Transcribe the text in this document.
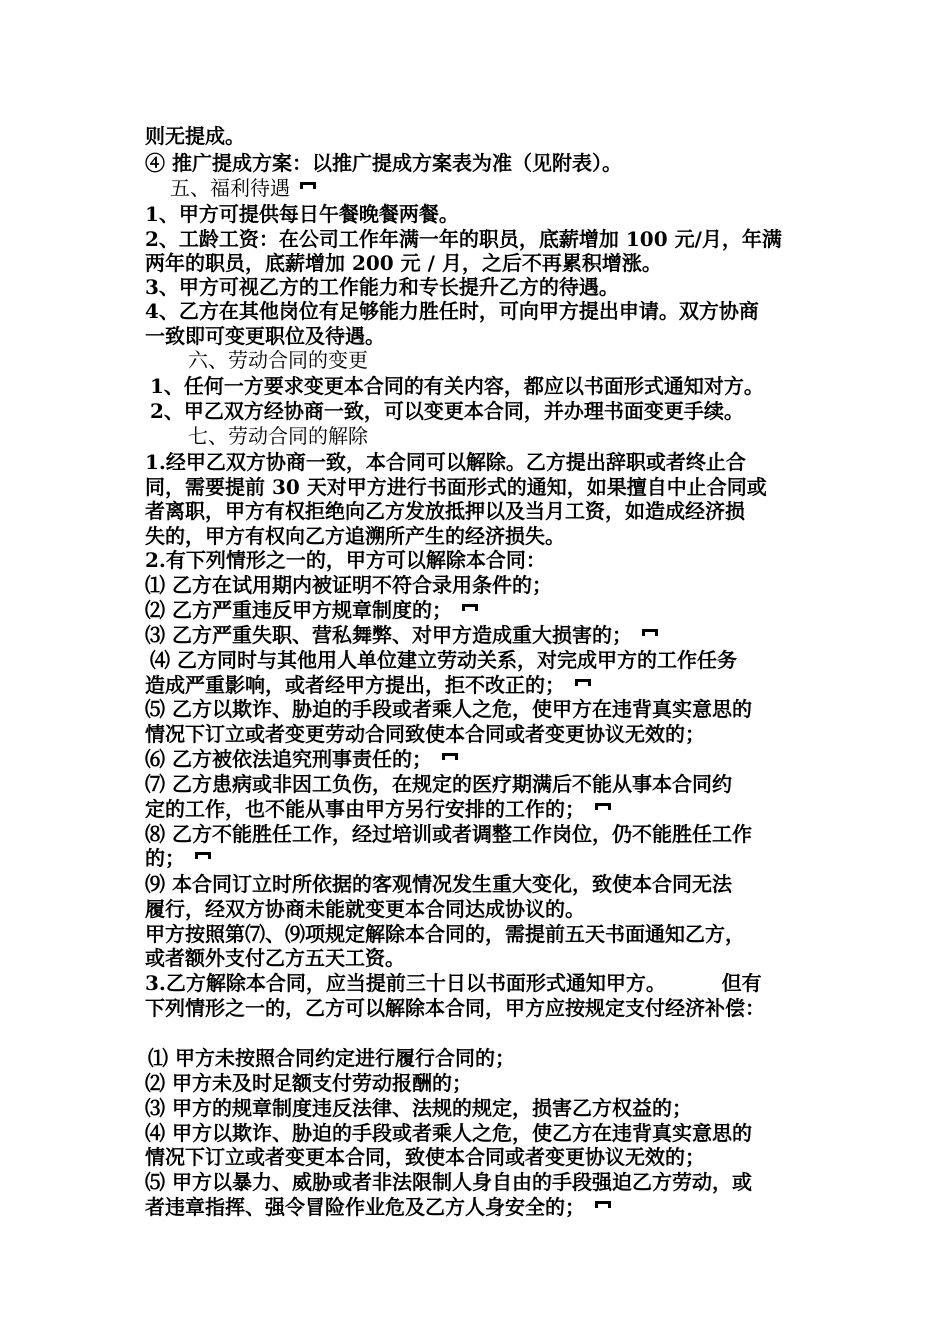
则无提成。
④ 推广提成方案：以推广提成方案表为准（见附表）。
五、福利待遇
1、甲方可提供每日午餐晚餐两餐。
2、工龄工资：在公司工作年满一年的职员，底薪增加 100 元/月，年满
两年的职员，底薪增加 200 元 / 月，之后不再累积增涨。
3、甲方可视乙方的工作能力和专长提升乙方的待遇。
4、乙方在其他岗位有足够能力胜任时，可向甲方提出申请。双方协商
一致即可变更职位及待遇。
六、劳动合同的变更
1、任何一方要求变更本合同的有关内容，都应以书面形式通知对方。
2、甲乙双方经协商一致，可以变更本合同，并办理书面变更手续。
七、劳动合同的解除
1.经甲乙双方协商一致，本合同可以解除。乙方提出辞职或者终止合
同，需要提前 30 天对甲方进行书面形式的通知，如果擅自中止合同或
者离职，甲方有权拒绝向乙方发放抵押以及当月工资，如造成经济损
失的，甲方有权向乙方追溯所产生的经济损失。
2.有下列情形之一的，甲方可以解除本合同：
⑴ 乙方在试用期内被证明不符合录用条件的；
⑵ 乙方严重违反甲方规章制度的；
⑶ 乙方严重失职、营私舞弊、对甲方造成重大损害的；
⑷ 乙方同时与其他用人单位建立劳动关系，对完成甲方的工作任务
造成严重影响，或者经甲方提出，拒不改正的；
⑸ 乙方以欺诈、胁迫的手段或者乘人之危，使甲方在违背真实意思的
情况下订立或者变更劳动合同致使本合同或者变更协议无效的；
⑹ 乙方被依法追究刑事责任的；
⑺ 乙方患病或非因工负伤，在规定的医疗期满后不能从事本合同约
定的工作，也不能从事由甲方另行安排的工作的；
⑻ 乙方不能胜任工作，经过培训或者调整工作岗位，仍不能胜任工作
的；
⑼ 本合同订立时所依据的客观情况发生重大变化，致使本合同无法
履行，经双方协商未能就变更本合同达成协议的。
甲方按照第⑺、⑼项规定解除本合同的，需提前五天书面通知乙方，
或者额外支付乙方五天工资。
3.乙方解除本合同，应当提前三十日以书面形式通知甲方。        但有
下列情形之一的，乙方可以解除本合同，甲方应按规定支付经济补偿：
⑴ 甲方未按照合同约定进行履行合同的；
⑵ 甲方未及时足额支付劳动报酬的；
⑶ 甲方的规章制度违反法律、法规的规定，损害乙方权益的；
⑷ 甲方以欺诈、胁迫的手段或者乘人之危，使乙方在违背真实意思的
情况下订立或者变更本合同，致使本合同或者变更协议无效的；
⑸ 甲方以暴力、威胁或者非法限制人身自由的手段强迫乙方劳动，或
者违章指挥、强令冒险作业危及乙方人身安全的；
